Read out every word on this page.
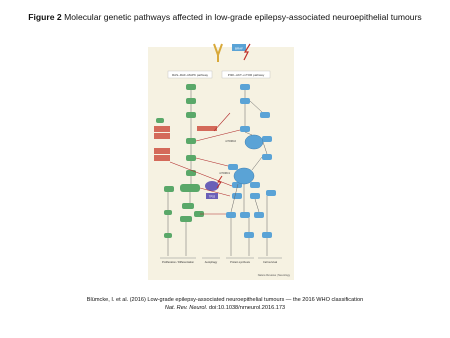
Figure 2 Molecular genetic pathways affected in low-grade epilepsy-associated neuroepithelial tumours
BRAF
RAS–RAF–MAPK pathway	PI3K–AKT–mTOR pathway
mTORC2
mTORC1
TP53
Proliferation / Differentiation	Autophagy	Protein synthesis	Cell survival
Nature Reviews | Neurology
Blümcke, I. et al. (2016) Low-grade epilepsy-associated neuroepithelial tumours — the 2016 WHO classification
Nat. Rev. Neurol. doi:10.1038/nrneurol.2016.173
